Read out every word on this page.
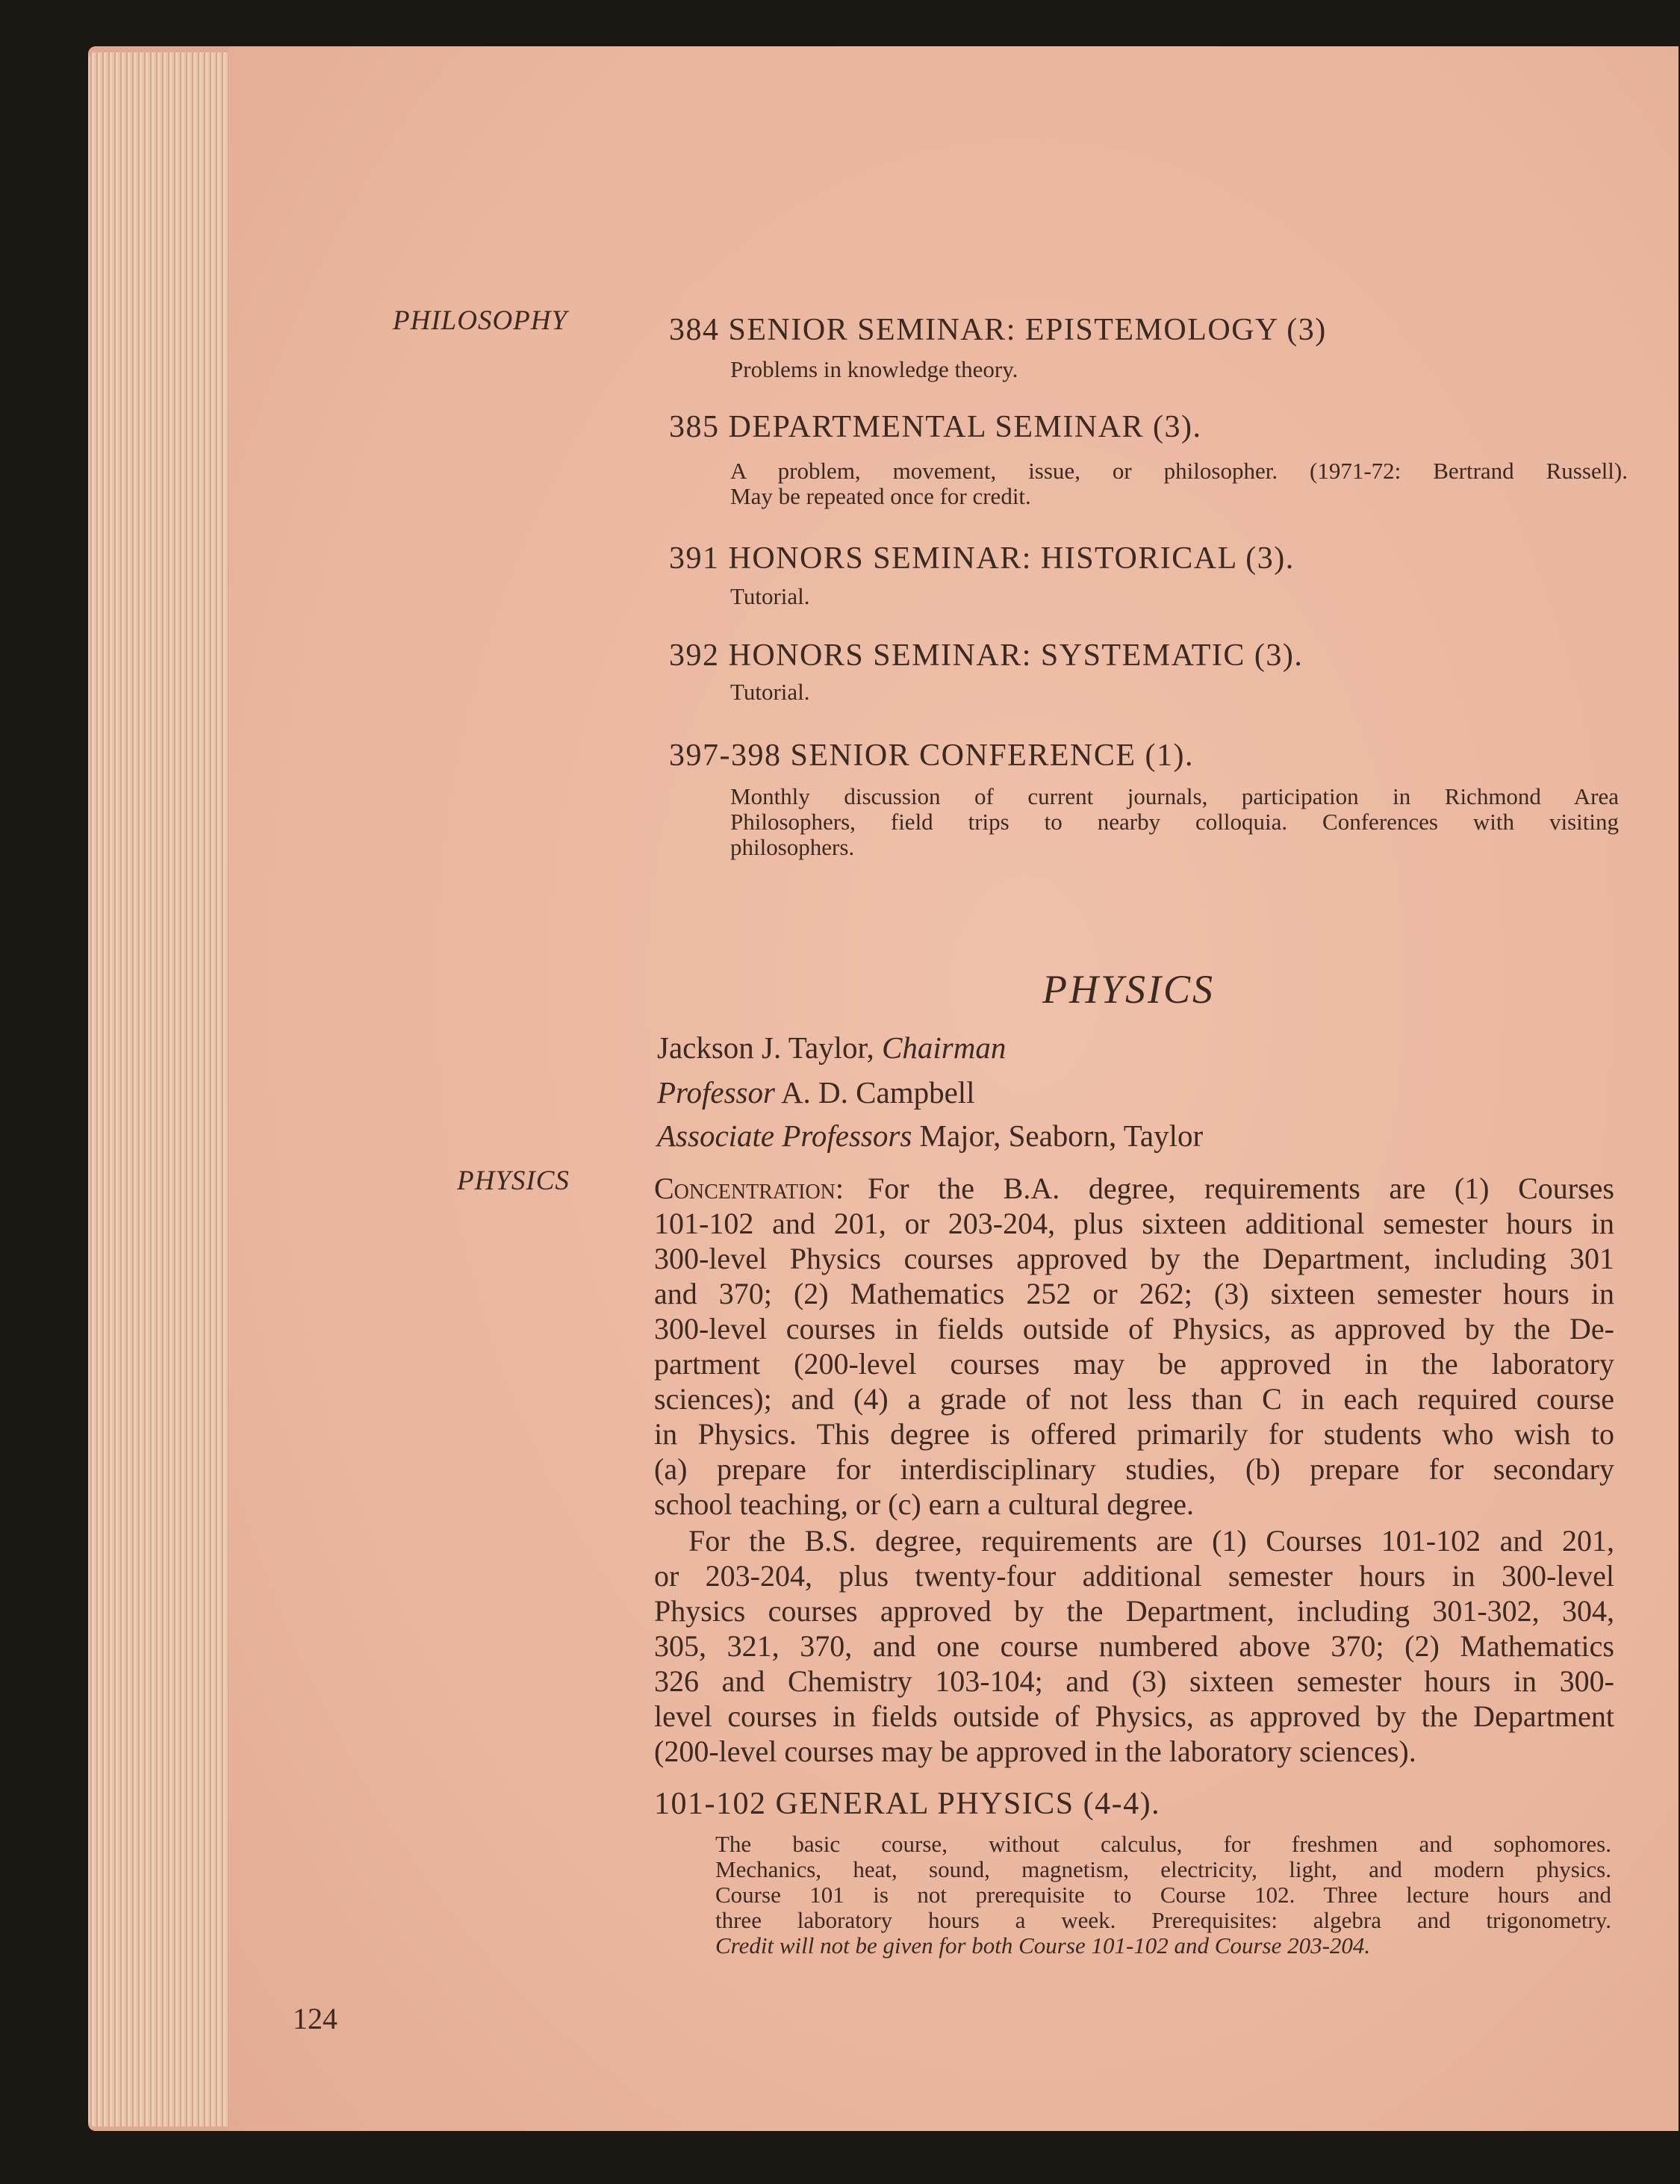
PHILOSOPHY
PHYSICS
124
384 SENIOR SEMINAR: EPISTEMOLOGY (3)
Problems in knowledge theory.
385 DEPARTMENTAL SEMINAR (3).
A problem, movement, issue, or philosopher. (1971-72: Bertrand Russell).
May be repeated once for credit.
391 HONORS SEMINAR: HISTORICAL (3).
Tutorial.
392 HONORS SEMINAR: SYSTEMATIC (3).
Tutorial.
397-398 SENIOR CONFERENCE (1).
Monthly discussion of current journals, participation in Richmond Area
Philosophers, field trips to nearby colloquia. Conferences with visiting
philosophers.
PHYSICS
Jackson J. Taylor, Chairman
Professor A. D. Campbell
Associate Professors Major, Seaborn, Taylor
Concentration: For the B.A. degree, requirements are (1) Courses
101-102 and 201, or 203-204, plus sixteen additional semester hours in
300-level Physics courses approved by the Department, including 301
and 370; (2) Mathematics 252 or 262; (3) sixteen semester hours in
300-level courses in fields outside of Physics, as approved by the De-
partment (200-level courses may be approved in the laboratory
sciences); and (4) a grade of not less than C in each required course
in Physics. This degree is offered primarily for students who wish to
(a) prepare for interdisciplinary studies, (b) prepare for secondary
school teaching, or (c) earn a cultural degree.
For the B.S. degree, requirements are (1) Courses 101-102 and 201,
or 203-204, plus twenty-four additional semester hours in 300-level
Physics courses approved by the Department, including 301-302, 304,
305, 321, 370, and one course numbered above 370; (2) Mathematics
326 and Chemistry 103-104; and (3) sixteen semester hours in 300-
level courses in fields outside of Physics, as approved by the Department
(200-level courses may be approved in the laboratory sciences).
101-102 GENERAL PHYSICS (4-4).
The basic course, without calculus, for freshmen and sophomores.
Mechanics, heat, sound, magnetism, electricity, light, and modern physics.
Course 101 is not prerequisite to Course 102. Three lecture hours and
three laboratory hours a week. Prerequisites: algebra and trigonometry.
Credit will not be given for both Course 101-102 and Course 203-204.
